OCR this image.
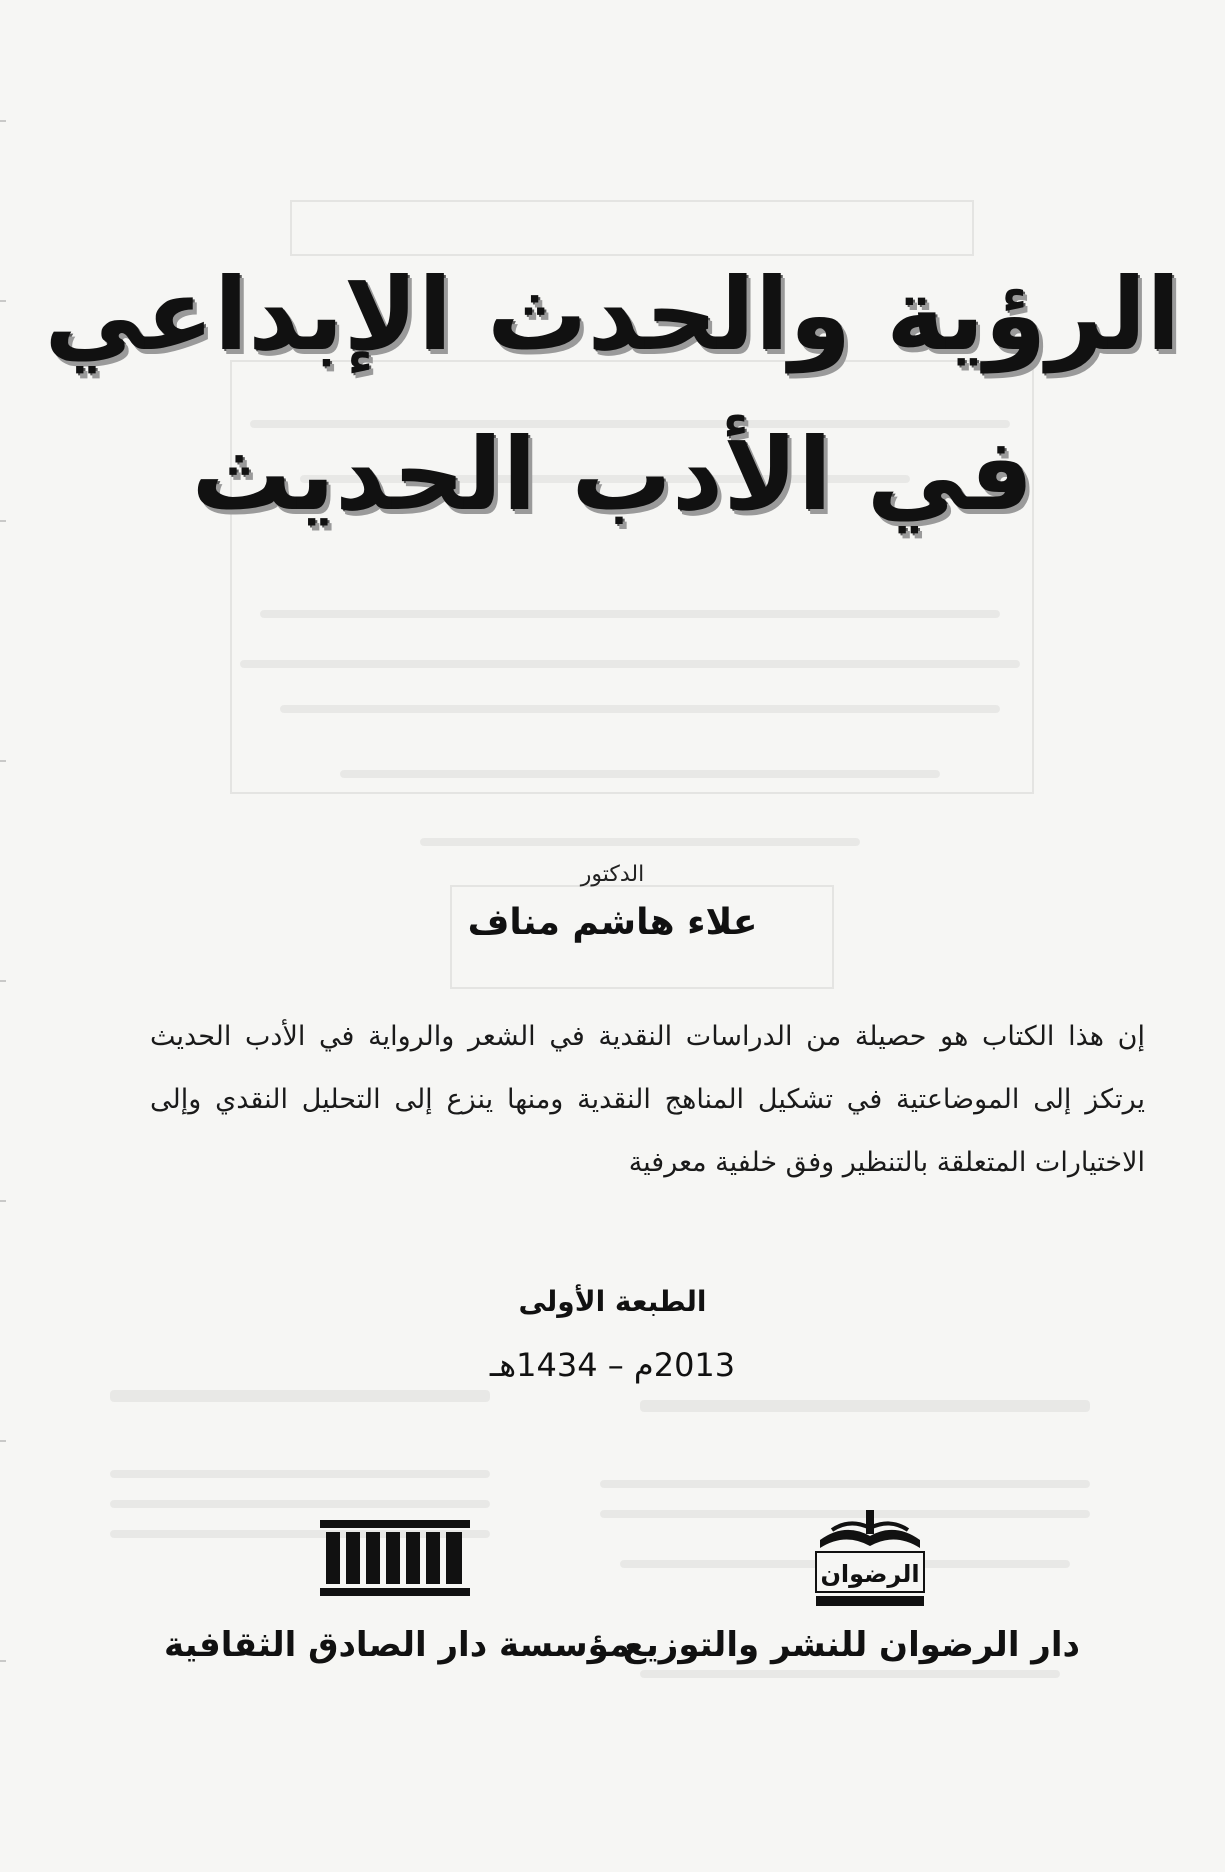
الرؤية والحدث الإبداعي
في الأدب الحديث
الدكتور
علاء هاشم مناف
إن هذا الكتاب هو حصيلة من الدراسات النقدية في الشعر والرواية في الأدب الحديث يرتكز إلى الموضاعتية في تشكيل المناهج النقدية ومنها ينزع إلى التحليل النقدي وإلى الاختيارات المتعلقة بالتنظير وفق خلفية معرفية
الطبعة الأولى
2013م – 1434هـ
الرضوان
مؤسسة دار الصادق الثقافية
دار الرضوان للنشر والتوزيع
